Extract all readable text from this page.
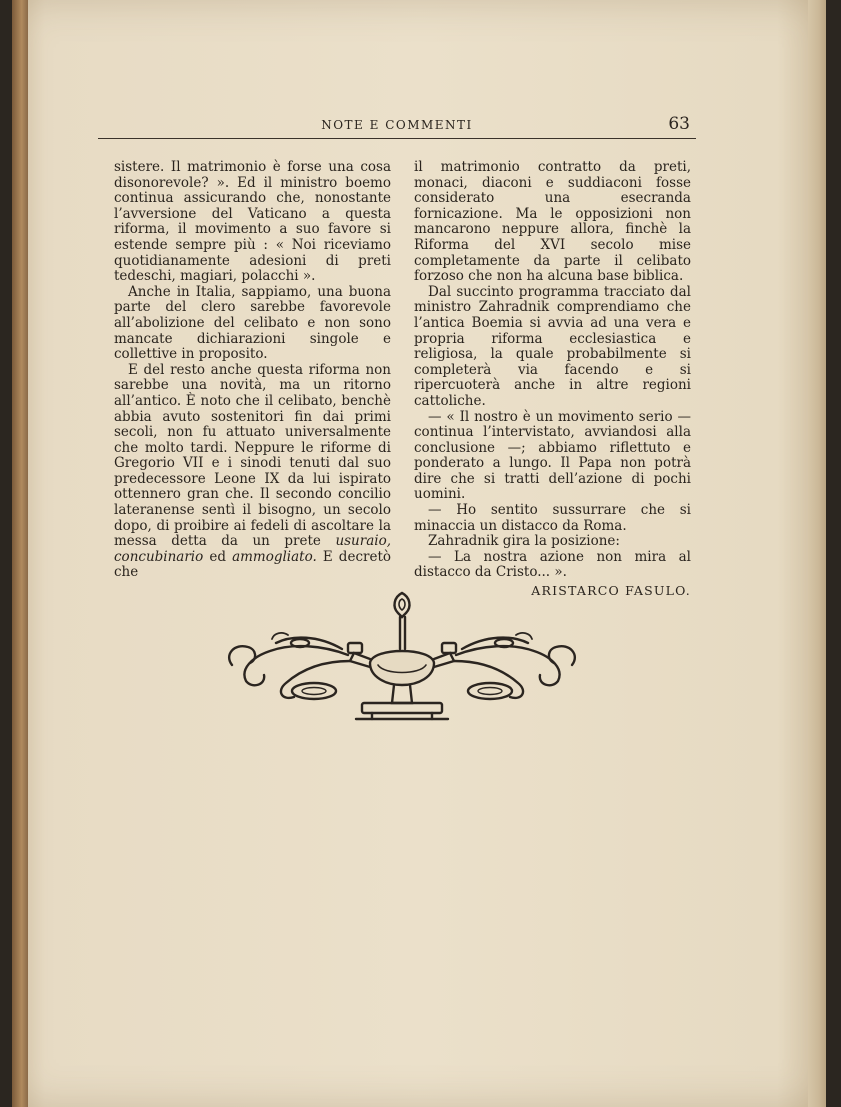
NOTE E COMMENTI	63

sistere. Il matrimonio è forse una cosa disonorevole? ». Ed il ministro boemo continua assicurando che, nonostante l’avversione del Vaticano a questa riforma, il movimento a suo favore si estende sempre più : « Noi riceviamo quotidianamente adesioni di preti tedeschi, magiari, polacchi ».

Anche in Italia, sappiamo, una buona parte del clero sarebbe favorevole all’abolizione del celibato e non sono mancate dichiarazioni singole e collettive in proposito.

E del resto anche questa riforma non sarebbe una novità, ma un ritorno all’antico. È noto che il celibato, benchè abbia avuto sostenitori fin dai primi secoli, non fu attuato universalmente che molto tardi. Neppure le riforme di Gregorio VII e i sinodi tenuti dal suo predecessore Leone IX da lui ispirato ottennero gran che. Il secondo concilio lateranense sentì il bisogno, un secolo dopo, di proibire ai fedeli di ascoltare la messa detta da un prete usuraio, concubinario ed ammogliato. E decretò che

il matrimonio contratto da preti, monaci, diaconi e suddiaconi fosse considerato una esecranda fornicazione. Ma le opposizioni non mancarono neppure allora, finchè la Riforma del XVI secolo mise completamente da parte il celibato forzoso che non ha alcuna base biblica.

Dal succinto programma tracciato dal ministro Zahradnik comprendiamo che l’antica Boemia si avvia ad una vera e propria riforma ecclesiastica e religiosa, la quale probabilmente si completerà via facendo e si ripercuoterà anche in altre regioni cattoliche.

— « Il nostro è un movimento serio — continua l’intervistato, avviandosi alla conclusione —; abbiamo riflettuto e ponderato a lungo. Il Papa non potrà dire che si tratti dell’azione di pochi uomini.

— Ho sentito sussurrare che si minaccia un distacco da Roma.

Zahradnik gira la posizione:

— La nostra azione non mira al distacco da Cristo... ».

ARISTARCO FASULO.
